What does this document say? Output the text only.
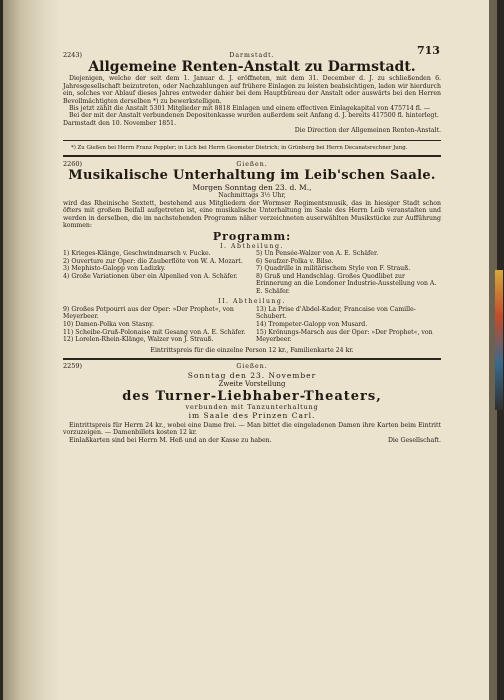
713
2243)	Darmstadt.
Allgemeine Renten-Anstalt zu Darmstadt.

Diejenigen, welche der seit dem 1. Januar d. J. eröffneten, mit dem 31. December d. J. zu schließenden 6. Jahresgesellschaft beizutreten, oder Nachzahlungen auf frühere Einlagen zu leisten beabsichtigen, laden wir hierdurch ein, solches vor Ablauf dieses Jahres entweder dahier bei dem Hauptbüreau der Anstalt oder auswärts bei den Herren Bevollmächtigten derselben *) zu bewerkstelligen.

Bis jetzt zählt die Anstalt 5301 Mitglieder mit 8818 Einlagen und einem effectiven Einlagekapital von 475714 fl. —

Bei der mit der Anstalt verbundenen Depositenkasse wurden außerdem seit Anfang d. J. bereits 417500 fl. hinterlegt.

Darmstadt den 10. November 1851.
Die Direction der Allgemeinen Renten-Anstalt.

*) Zu Gießen bei Herrn Franz Peppler; in Lich bei Herrn Geometer Dietrich; in Grünberg bei Herrn Decanatsrechner Jung.

2260)	Gießen.
Musikalische Unterhaltung im Leib'schen Saale.
Morgen Sonntag den 23. d. M.,
Nachmittags 3½ Uhr,

wird das Rheinische Sextett, bestehend aus Mitgliedern der Wormser Regimentsmusik, das in hiesiger Stadt schon öfters mit großem Beifall aufgetreten ist, eine musikalische Unterhaltung im Saale des Herrn Leib veranstalten und werden in derselben, die im nachstehenden Programm näher verzeichneten auserwählten Musikstücke zur Aufführung kommen:

Programm:
I. Abtheilung.
1) Krieges-Klänge, Geschwindmarsch v. Fucke.
2) Ouverture zur Oper: die Zauberflöte von W. A. Mozart.
3) Mephisto-Galopp von Ladizky.
4) Große Variationen über ein Alpenlied von A. Schäfer.
5) Un Pensée-Walzer von A. E. Schäfer.
6) Seufzer-Polka v. Bilse.
7) Quadrille in militärischem Style von F. Strauß.
8) Gruß und Handschlag. Großes Quodlibet zur Erinnerung an die Londoner Industrie-Ausstellung von A. E. Schäfer.
II. Abtheilung.
9) Großes Potpourri aus der Oper: »Der Prophet«, von Meyerbeer.
10) Damen-Polka von Stasny.
11) Scheibe-Gruß-Polonaise mit Gesang von A. E. Schäfer.
12) Lorelen-Rhein-Klänge, Walzer von J. Strauß.
13) La Prise d'Abdel-Kader, Francaise von Camille-Schubert.
14) Trompeter-Galopp von Musard.
15) Krönungs-Marsch aus der Oper: »Der Prophet«, von Meyerbeer.
Eintrittspreis für die einzelne Person 12 kr., Familienkarte 24 kr.
2259)	Gießen.
Sonntag den 23. November
Zweite Vorstellung
des Turner-Liebhaber-Theaters,
verbunden mit Tanzunterhaltung
im Saale des Prinzen Carl.

Eintrittspreis für Herrn 24 kr., wobei eine Dame frei. — Man bittet die eingeladenen Damen ihre Karten beim Eintritt vorzuzeigen. — Damenbillets kosten 12 kr.

Einlaßkarten sind bei Herrn M. Heß und an der Kasse zu haben.	Die Gesellschaft.
